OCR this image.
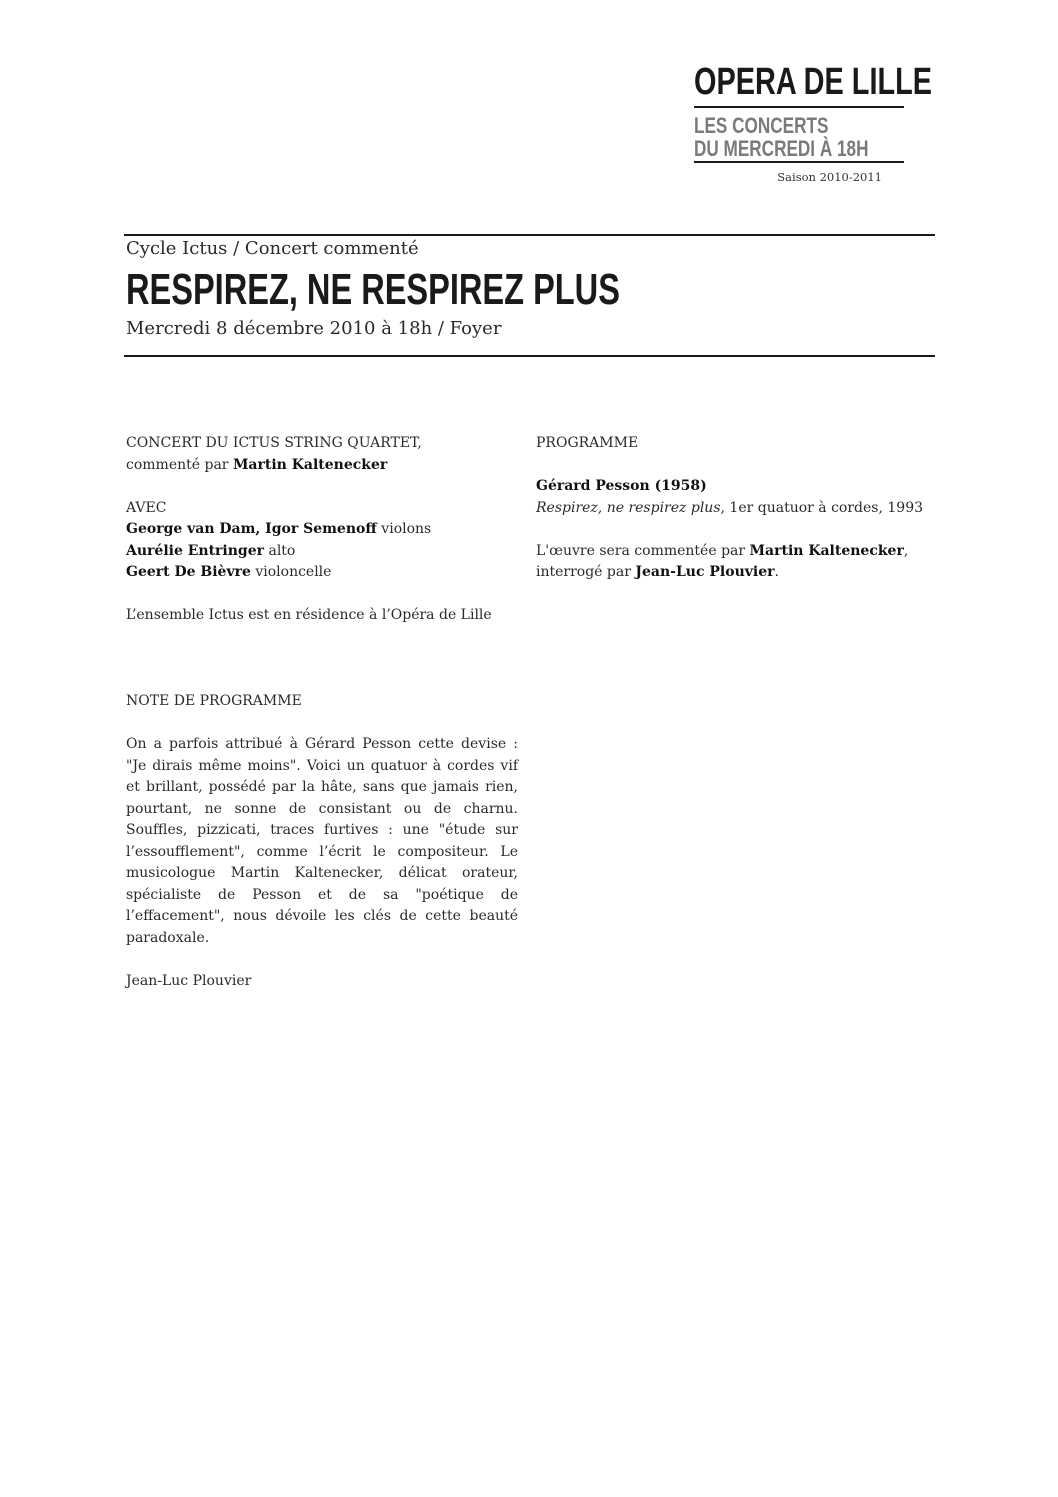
OPERA DE LILLE
LES CONCERTS
DU MERCREDI À 18H
Saison 2010-2011
Cycle Ictus / Concert commenté
RESPIREZ, NE RESPIREZ PLUS
Mercredi 8 décembre 2010 à 18h / Foyer

CONCERT DU ICTUS STRING QUARTET,

commenté par Martin Kaltenecker

AVEC

George van Dam, Igor Semenoff violons

Aurélie Entringer alto

Geert De Bièvre violoncelle

L’ensemble Ictus est en résidence à l’Opéra de Lille

NOTE DE PROGRAMME

On a parfois attribué à Gérard Pesson cette devise : "Je dirais même moins". Voici un quatuor à cordes vif et brillant, possédé par la hâte, sans que jamais rien, pourtant, ne sonne de consistant ou de charnu. Souffles, pizzicati, traces furtives : une "étude sur l’essoufflement", comme l’écrit le compositeur. Le musicologue Martin Kaltenecker, délicat orateur, spécialiste de Pesson et de sa "poétique de l’effacement", nous dévoile les clés de cette beauté paradoxale.

Jean-Luc Plouvier

PROGRAMME

Gérard Pesson (1958)

Respirez, ne respirez plus, 1er quatuor à cordes, 1993

L'œuvre sera commentée par Martin Kaltenecker,

interrogé par Jean-Luc Plouvier.
